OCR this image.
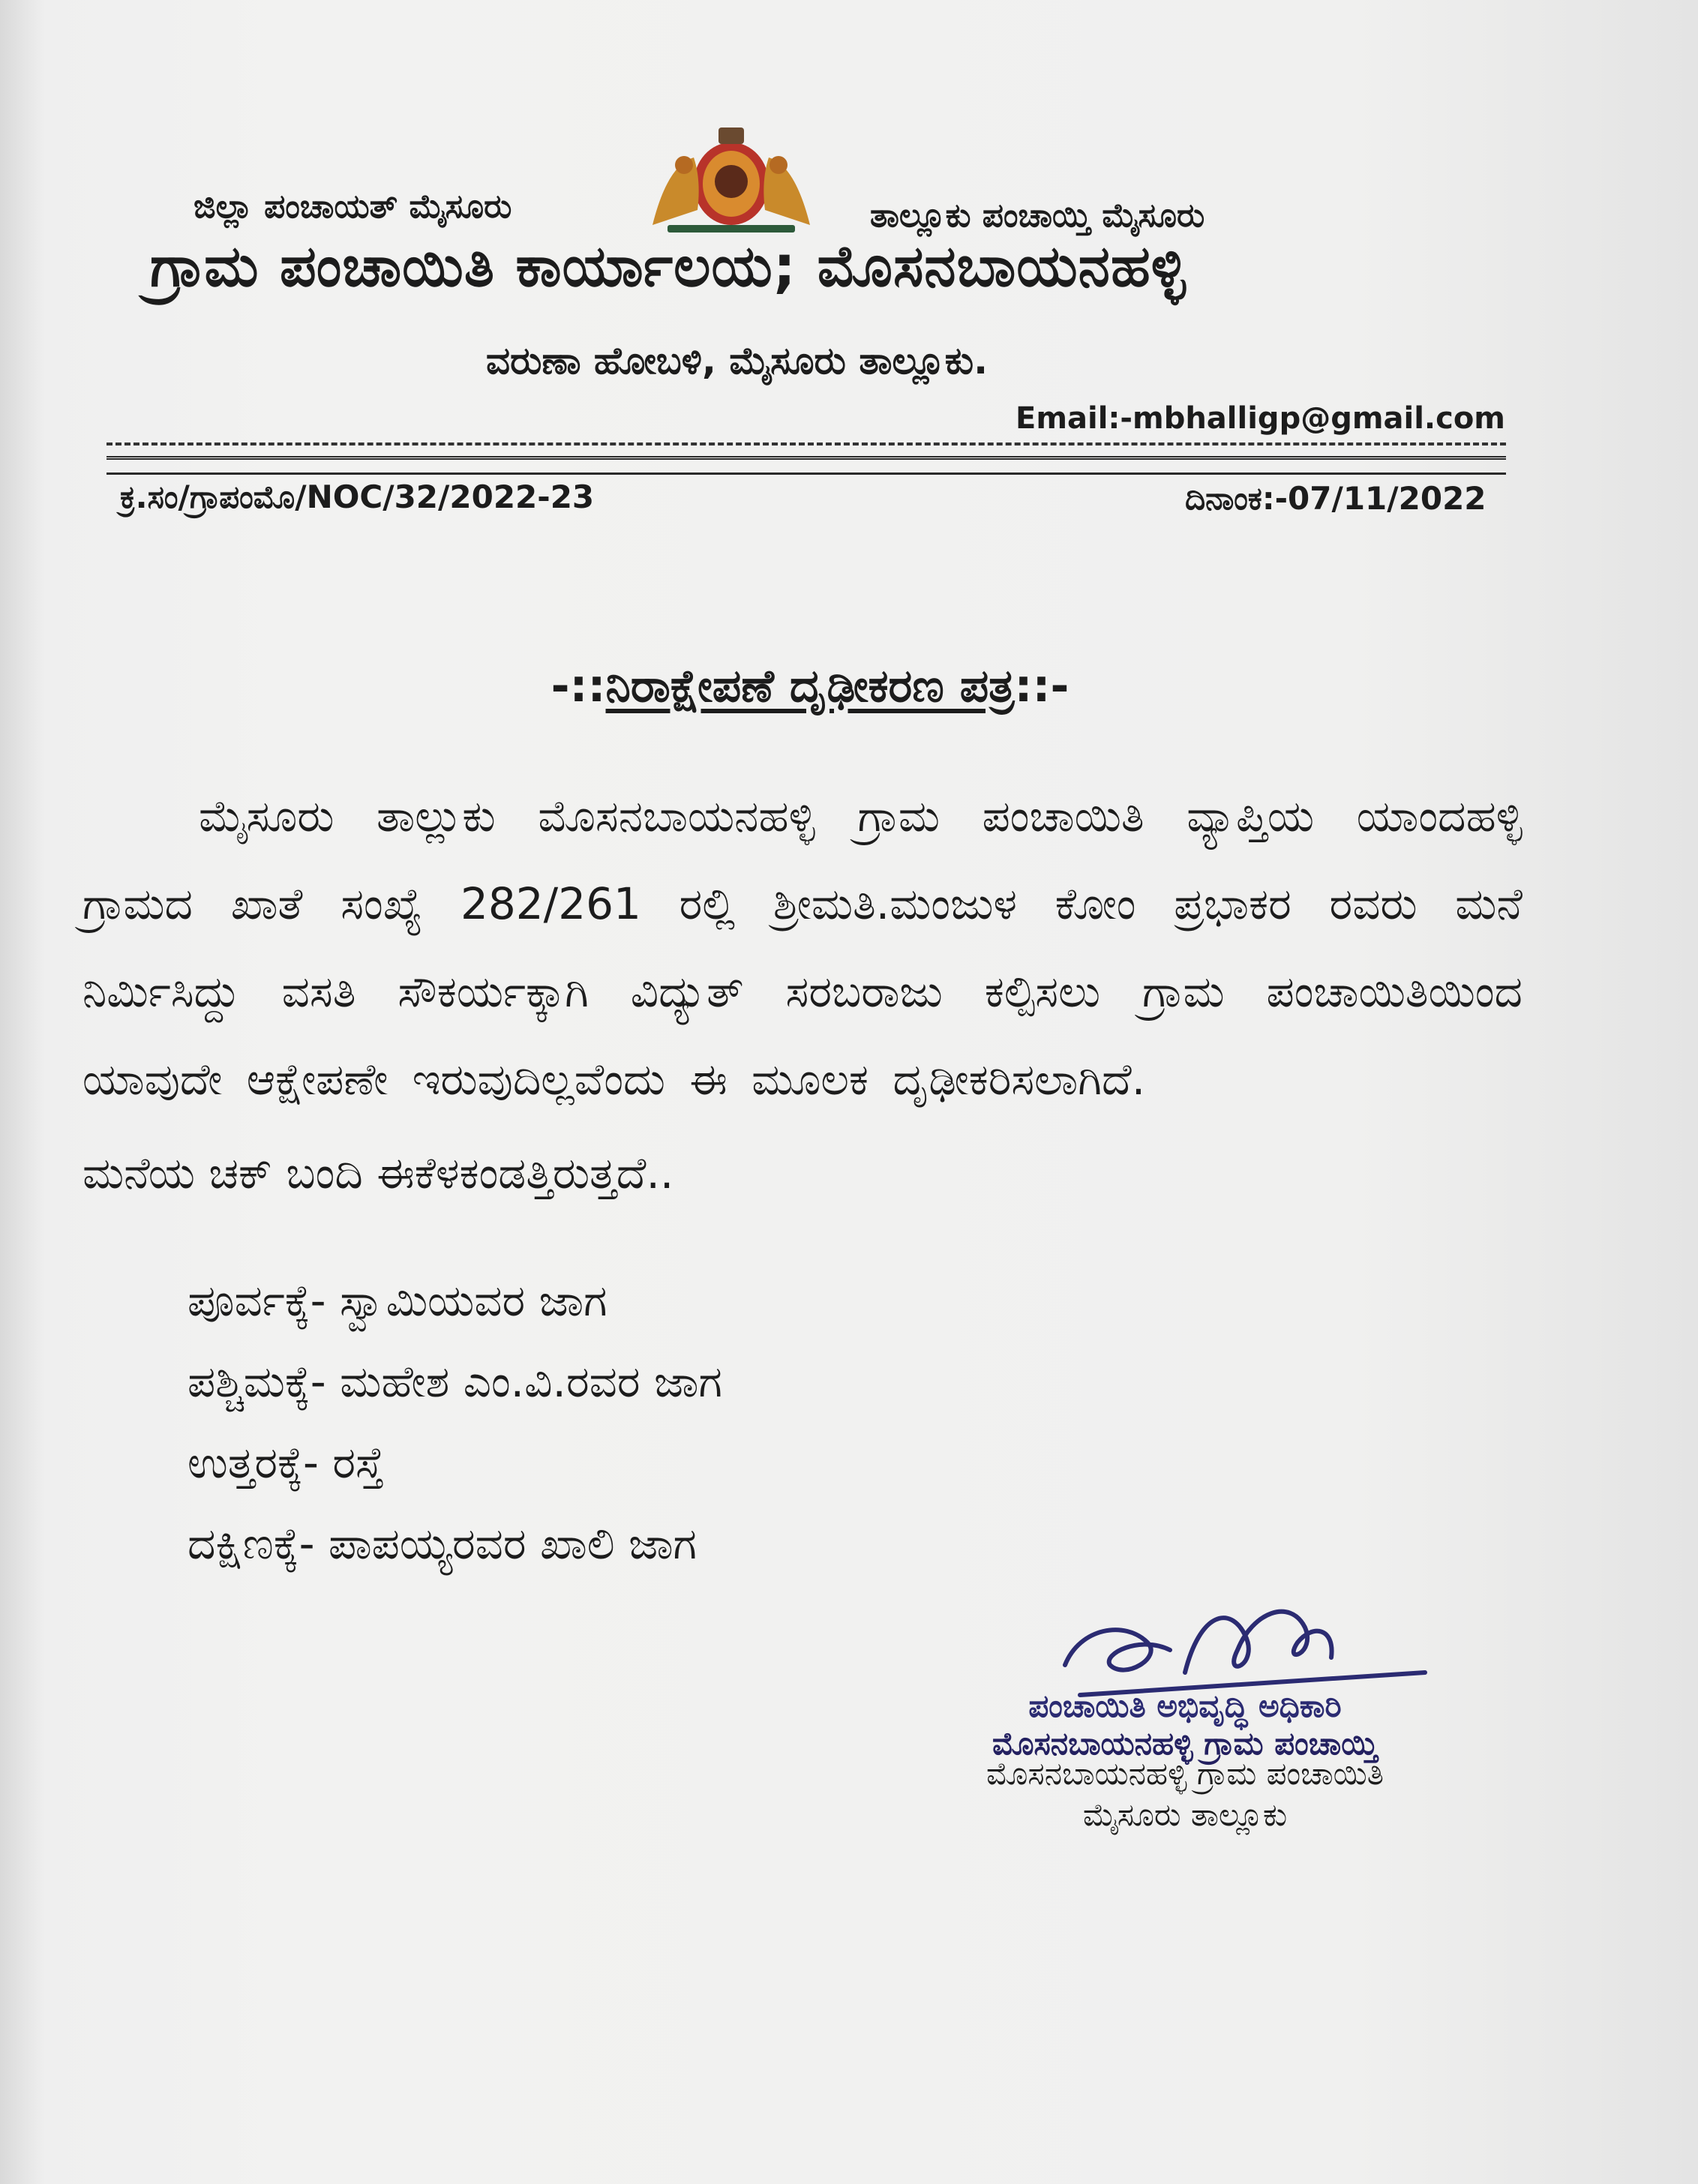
ಜಿಲ್ಲಾ ಪಂಚಾಯತ್ ಮೈಸೂರು	ತಾಲ್ಲೂಕು ಪಂಚಾಯ್ತಿ ಮೈಸೂರು
ಗ್ರಾಮ ಪಂಚಾಯಿತಿ ಕಾರ್ಯಾಲಯ; ಮೊಸನಬಾಯನಹಳ್ಳಿ
ವರುಣಾ ಹೋಬಳಿ, ಮೈಸೂರು ತಾಲ್ಲೂಕು.
Email:-mbhalligp@gmail.com
ಕ್ರ.ಸಂ/ಗ್ರಾಪಂಮೊ/NOC/32/2022-23	ದಿನಾಂಕ:-07/11/2022
-::ನಿರಾಕ್ಷೇಪಣೆ ದೃಢೀಕರಣ ಪತ್ರ::-
ಮೈಸೂರು ತಾಲ್ಲುಕು ಮೊಸನಬಾಯನಹಳ್ಳಿ ಗ್ರಾಮ ಪಂಚಾಯಿತಿ ವ್ಯಾಪ್ತಿಯ ಯಾಂದಹಳ್ಳಿ ಗ್ರಾಮದ ಖಾತೆ ಸಂಖ್ಯೆ 282/261 ರಲ್ಲಿ ಶ್ರೀಮತಿ.ಮಂಜುಳ ಕೋಂ ಪ್ರಭಾಕರ ರವರು ಮನೆ ನಿರ್ಮಿಸಿದ್ದು ವಸತಿ ಸೌಕರ್ಯಕ್ಕಾಗಿ ವಿದ್ಯುತ್ ಸರಬರಾಜು ಕಲ್ಪಿಸಲು ಗ್ರಾಮ ಪಂಚಾಯಿತಿಯಿಂದ ಯಾವುದೇ ಆಕ್ಷೇಪಣೇ ಇರುವುದಿಲ್ಲವೆಂದು ಈ ಮೂಲಕ ದೃಢೀಕರಿಸಲಾಗಿದೆ.
ಮನೆಯ ಚಕ್ ಬಂದಿ ಈಕೆಳಕಂಡತ್ತಿರುತ್ತದೆ..
ಪೂರ್ವಕ್ಕೆ- ಸ್ವಾಮಿಯವರ ಜಾಗ
ಪಶ್ಚಿಮಕ್ಕೆ- ಮಹೇಶ ಎಂ.ವಿ.ರವರ ಜಾಗ
ಉತ್ತರಕ್ಕೆ- ರಸ್ತೆ
ದಕ್ಷಿಣಕ್ಕೆ- ಪಾಪಯ್ಯರವರ ಖಾಲಿ ಜಾಗ
ಪಂಚಾಯಿತಿ ಅಭಿವೃದ್ಧಿ ಅಧಿಕಾರಿ
ಮೊಸನಬಾಯನಹಳ್ಳಿ ಗ್ರಾಮ ಪಂಚಾಯ್ತಿ
ಮೊಸನಬಾಯನಹಳ್ಳಿ ಗ್ರಾಮ ಪಂಚಾಯಿತಿ
ಮೈಸೂರು ತಾಲ್ಲೂಕು
